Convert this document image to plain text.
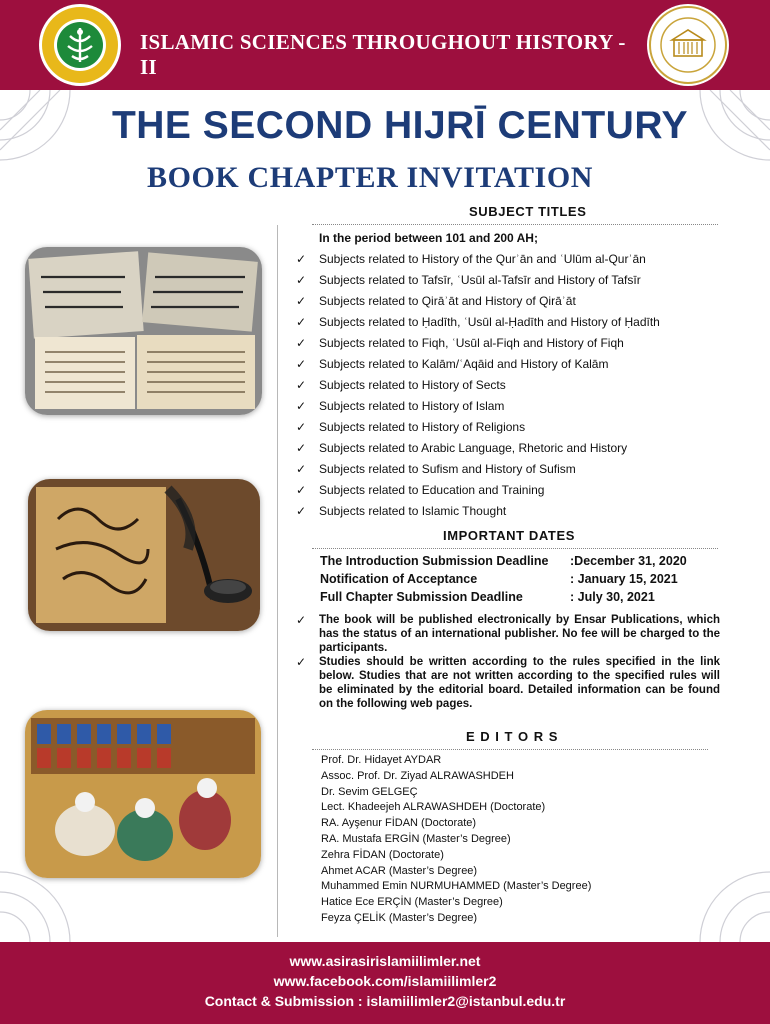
ISLAMIC SCIENCES THROUGHOUT HISTORY -II
THE SECOND HIJRĪ CENTURY
BOOK CHAPTER INVITATION
SUBJECT TITLES
In the period between 101 and 200 AH;
✓ Subjects related to History of the Qurʾān and ʿUlūm al-Qurʾān
✓ Subjects related to Tafsīr, ʿUsūl al-Tafsīr and History of Tafsīr
✓ Subjects related to Qirāʾāt and History of Qirāʾāt
✓ Subjects related to Ḥadīth, ʿUsūl al-Ḥadīth and History of Ḥadīth
✓ Subjects related to Fiqh, ʿUsūl al-Fiqh and History of Fiqh
✓ Subjects related to Kalām/ʿAqāid and History of Kalām
✓ Subjects related to History of Sects
✓ Subjects related to History of Islam
✓ Subjects related to History of Religions
✓ Subjects related to Arabic Language, Rhetoric and History
✓ Subjects related to Sufism and History of Sufism
✓ Subjects related to Education and Training
✓ Subjects related to Islamic Thought
IMPORTANT DATES
The Introduction Submission Deadline :December 31, 2020
Notification of Acceptance	: January 15, 2021
Full Chapter Submission Deadline	: July 30, 2021
✓ The book will be published electronically by Ensar Publications, which has the status of an international publisher. No fee will be charged to the participants.
✓ Studies should be written according to the rules specified in the link below. Studies that are not written according to the specified rules will be eliminated by the editorial board. Detailed information can be found on the following web pages.
E D I T O R S
Prof. Dr. Hidayet AYDAR
Assoc. Prof. Dr. Ziyad ALRAWASHDEH
Dr. Sevim GELGEÇ
Lect. Khadeejeh ALRAWASHDEH (Doctorate)
RA. Ayşenur FİDAN (Doctorate)
RA. Mustafa ERGİN (Master’s Degree)
Zehra FİDAN (Doctorate)
Ahmet ACAR (Master’s Degree)
Muhammed Emin NURMUHAMMED (Master’s Degree)
Hatice Ece ERÇİN (Master’s Degree)
Feyza ÇELİK (Master’s Degree)
www.asirasirislamiilimler.net
www.facebook.com/islamiilimler2
Contact & Submission : islamiilimler2@istanbul.edu.tr
